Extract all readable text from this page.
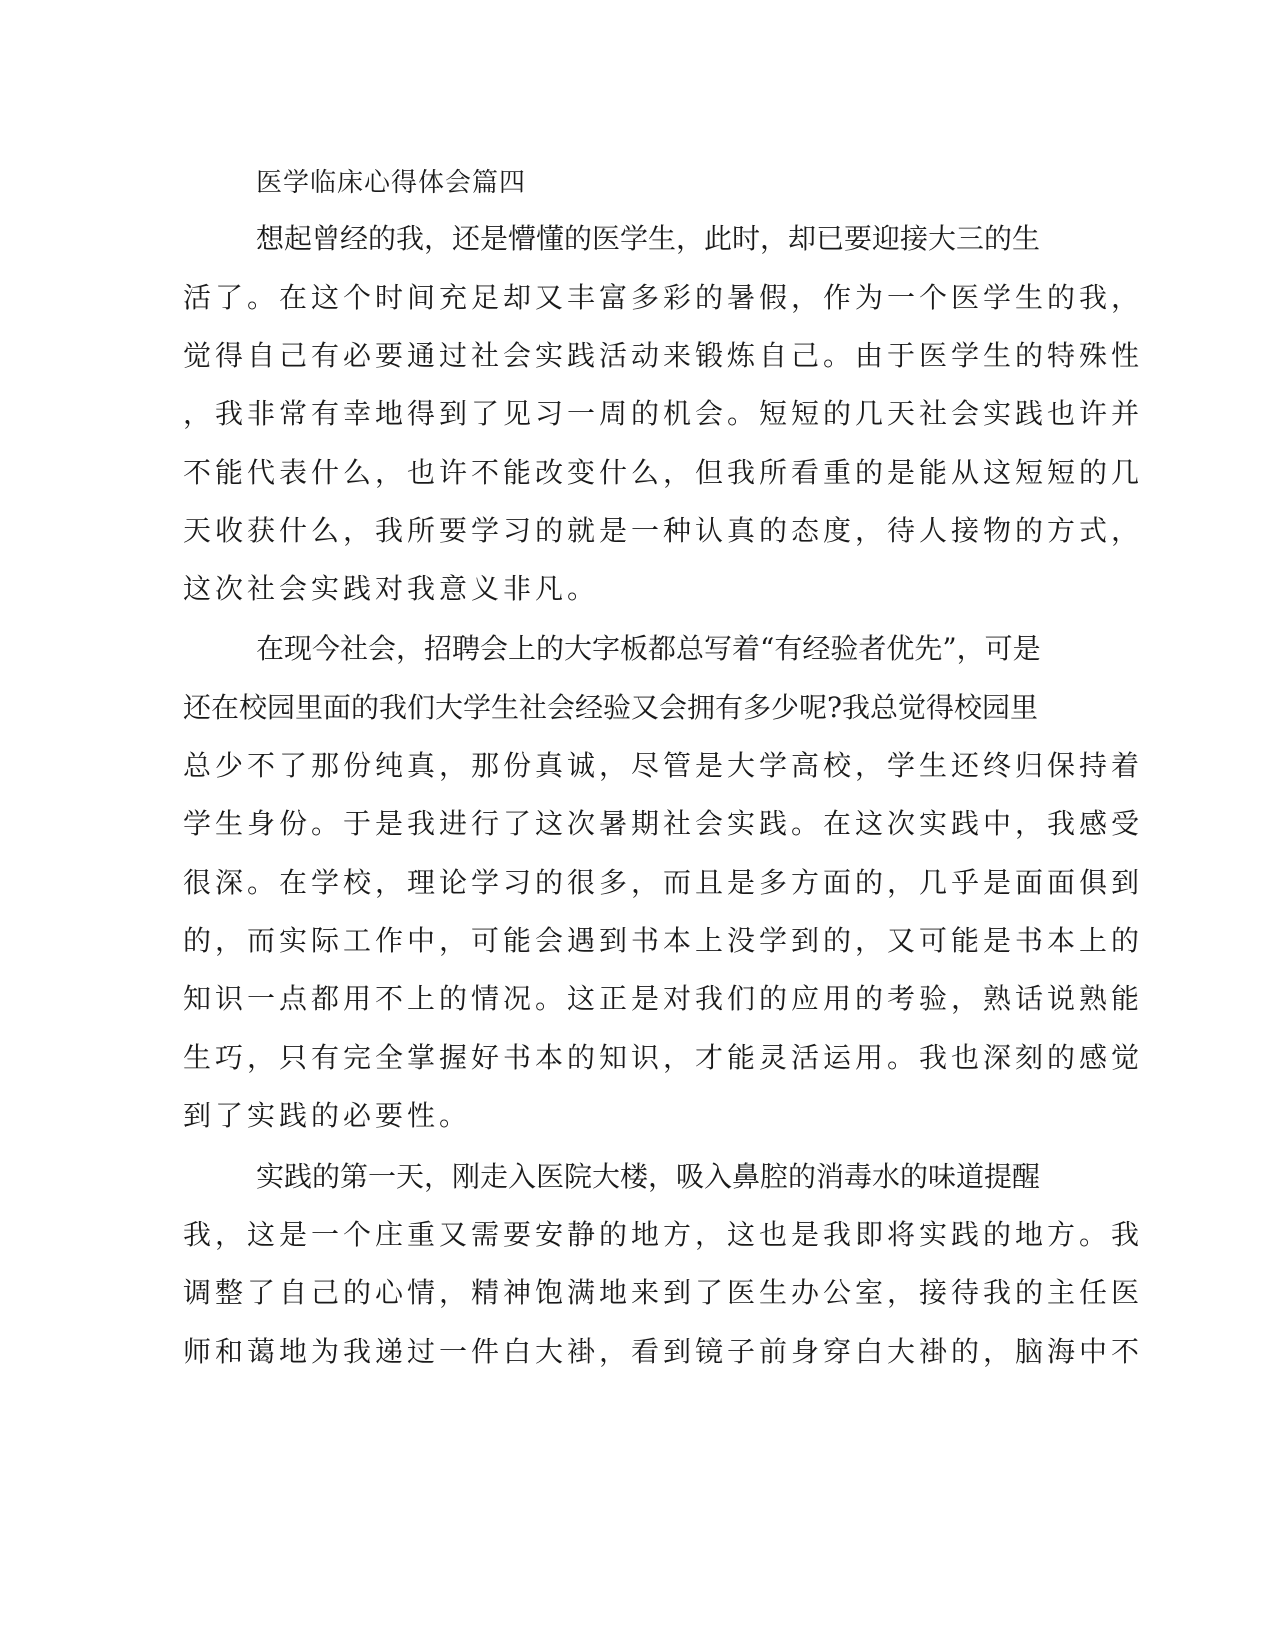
医学临床心得体会篇四

想起曾经的我，还是懵懂的医学生，此时，却已要迎接大三的生

活了。在这个时间充足却又丰富多彩的暑假，作为一个医学生的我，

觉得自己有必要通过社会实践活动来锻炼自己。由于医学生的特殊性

，我非常有幸地得到了见习一周的机会。短短的几天社会实践也许并

不能代表什么，也许不能改变什么，但我所看重的是能从这短短的几

天收获什么，我所要学习的就是一种认真的态度，待人接物的方式，

这次社会实践对我意义非凡。

在现今社会，招聘会上的大字板都总写着“有经验者优先”，可是

还在校园里面的我们大学生社会经验又会拥有多少呢?我总觉得校园里

总少不了那份纯真，那份真诚，尽管是大学高校，学生还终归保持着

学生身份。于是我进行了这次暑期社会实践。在这次实践中，我感受

很深。在学校，理论学习的很多，而且是多方面的，几乎是面面俱到

的，而实际工作中，可能会遇到书本上没学到的，又可能是书本上的

知识一点都用不上的情况。这正是对我们的应用的考验，熟话说熟能

生巧，只有完全掌握好书本的知识，才能灵活运用。我也深刻的感觉

到了实践的必要性。

实践的第一天，刚走入医院大楼，吸入鼻腔的消毒水的味道提醒

我，这是一个庄重又需要安静的地方，这也是我即将实践的地方。我

调整了自己的心情，精神饱满地来到了医生办公室，接待我的主任医

师和蔼地为我递过一件白大褂，看到镜子前身穿白大褂的，脑海中不
